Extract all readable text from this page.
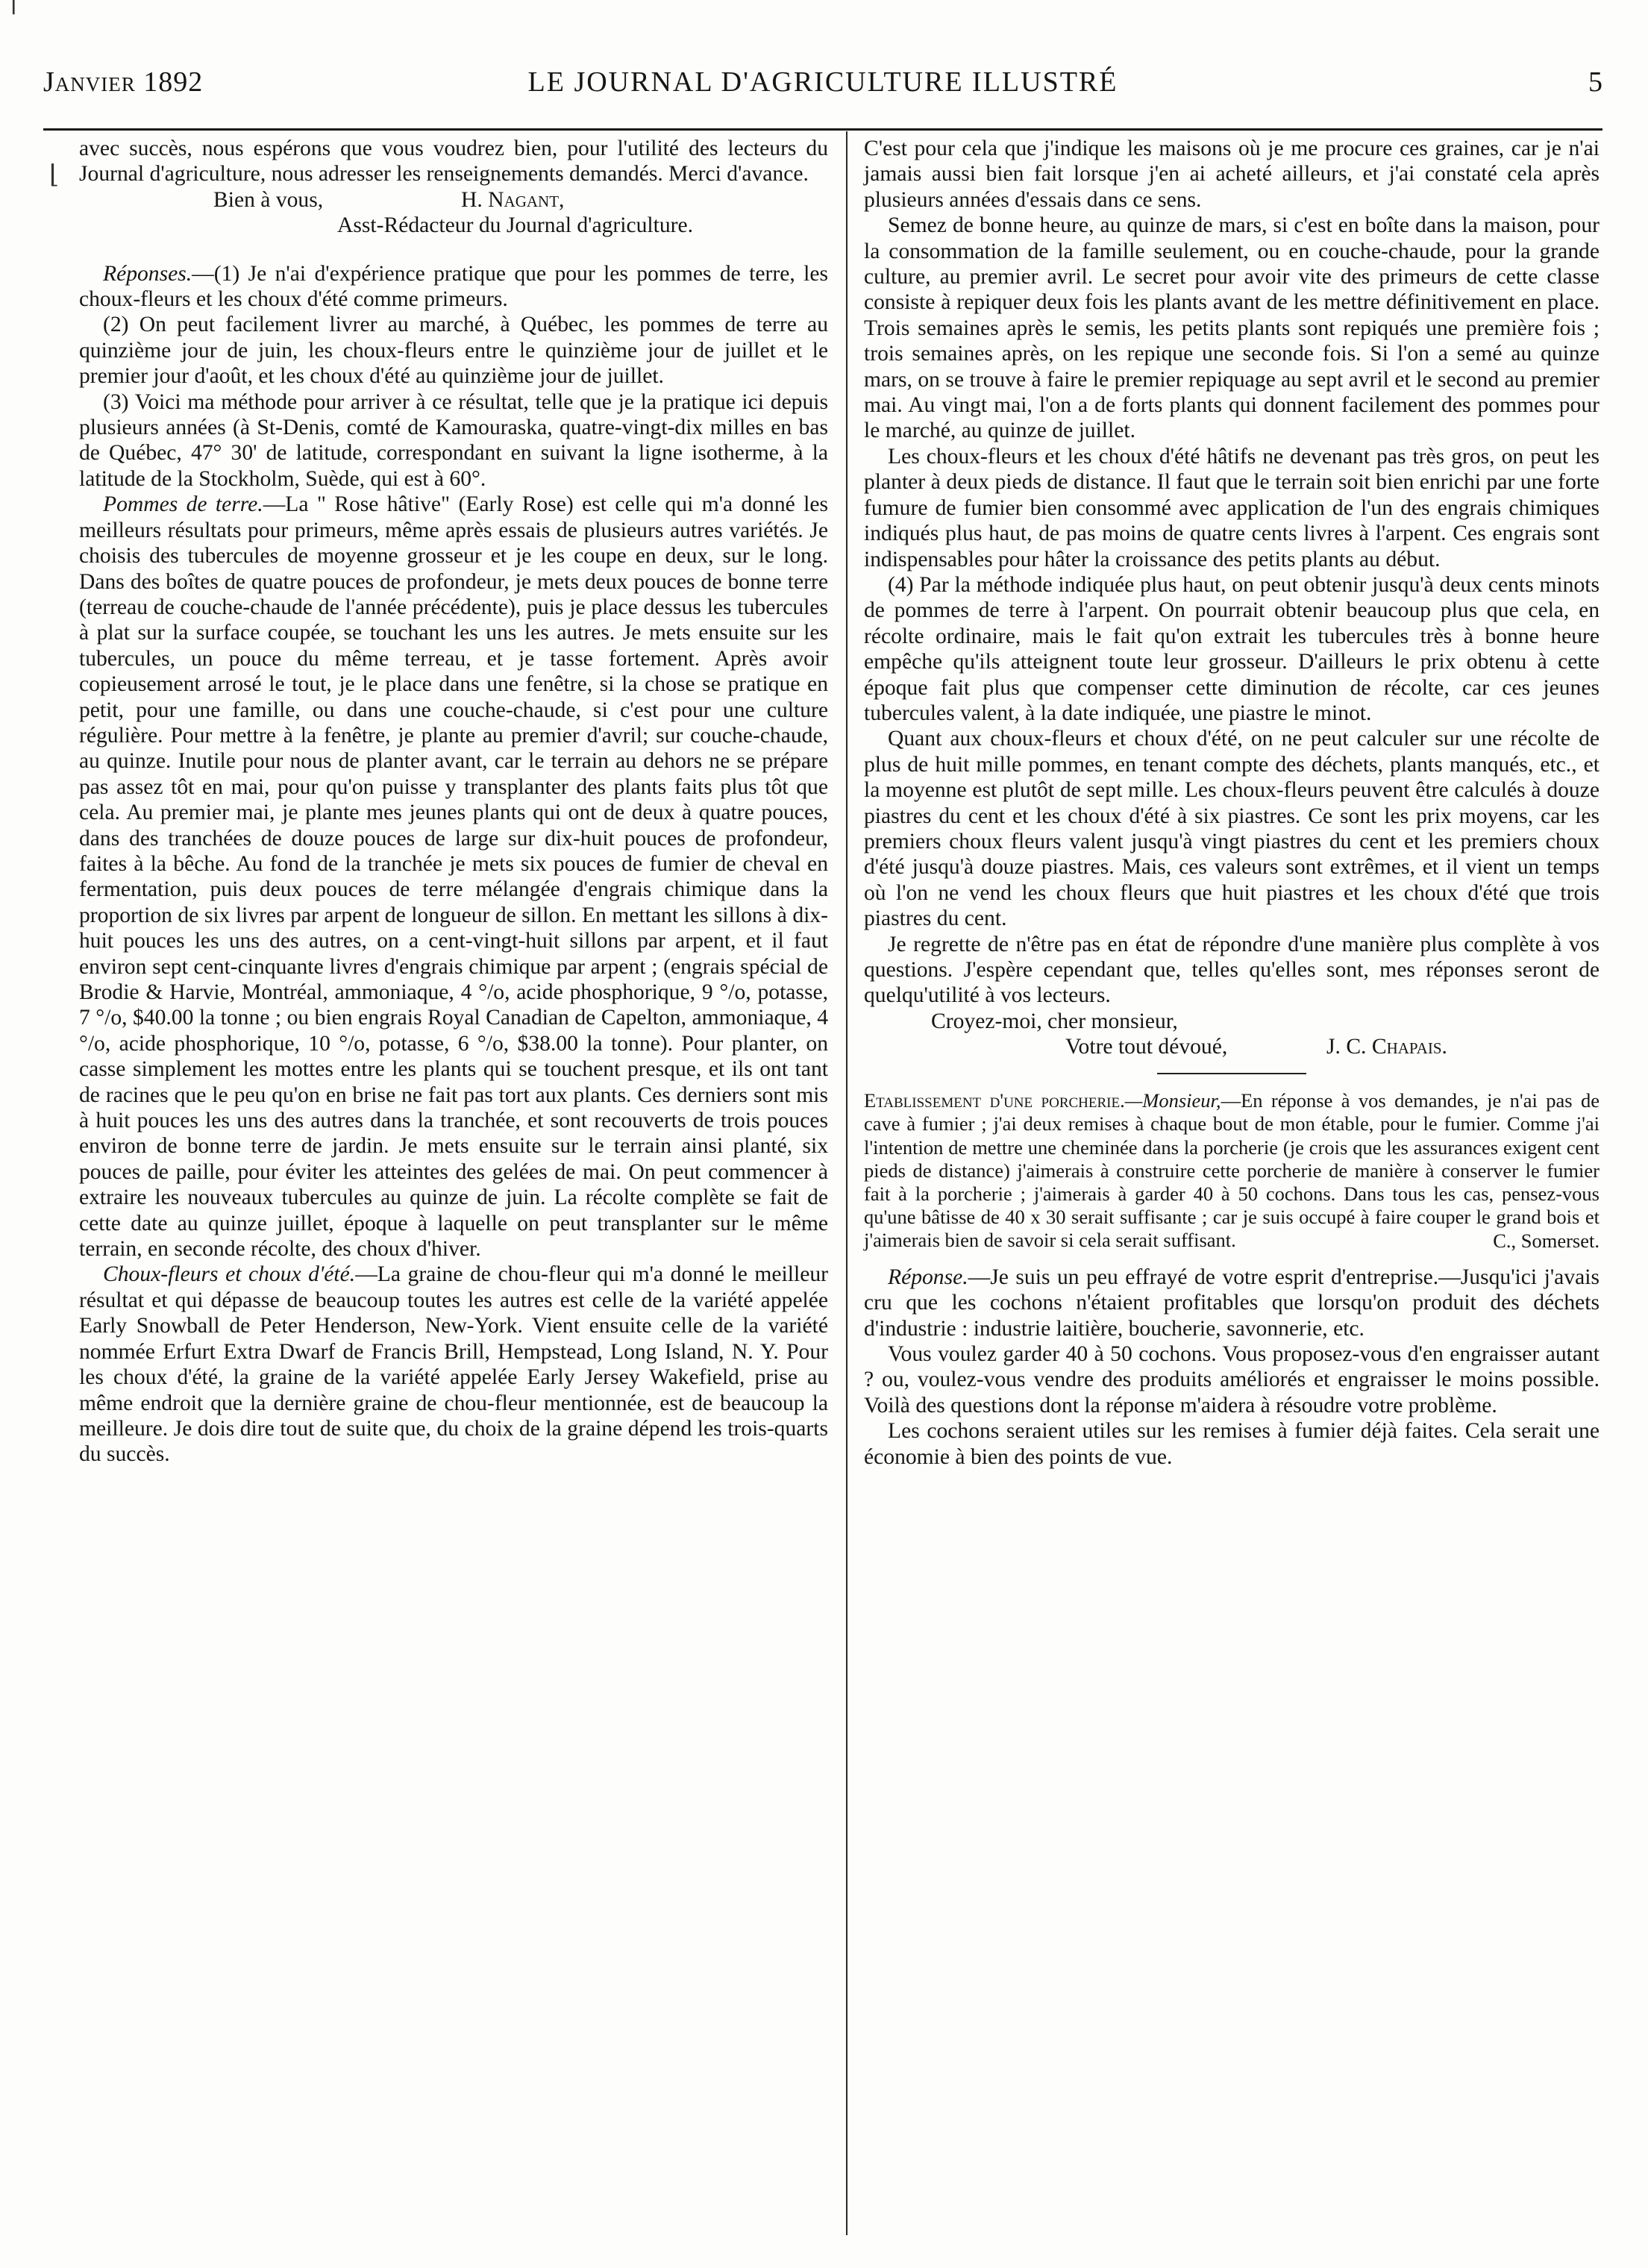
Janvier 1892	LE JOURNAL D'AGRICULTURE ILLUSTRÉ	5
╵
⌊

avec succès, nous espérons que vous voudrez bien, pour l'utilité des lecteurs du Journal d'agriculture, nous adresser les renseignements demandés. Merci d'avance.

Bien à vous,	H. Nagant,
Asst-Rédacteur du Journal d'agriculture.

Réponses.—(1) Je n'ai d'expérience pratique que pour les pommes de terre, les choux-fleurs et les choux d'été comme primeurs.

(2) On peut facilement livrer au marché, à Québec, les pommes de terre au quinzième jour de juin, les choux-fleurs entre le quinzième jour de juillet et le premier jour d'août, et les choux d'été au quinzième jour de juillet.

(3) Voici ma méthode pour arriver à ce résultat, telle que je la pratique ici depuis plusieurs années (à St-Denis, comté de Kamouraska, quatre-vingt-dix milles en bas de Québec, 47° 30' de latitude, correspondant en suivant la ligne isotherme, à la latitude de la Stockholm, Suède, qui est à 60°.

Pommes de terre.—La " Rose hâtive" (Early Rose) est celle qui m'a donné les meilleurs résultats pour primeurs, même après essais de plusieurs autres variétés. Je choisis des tubercules de moyenne grosseur et je les coupe en deux, sur le long. Dans des boîtes de quatre pouces de profondeur, je mets deux pouces de bonne terre (terreau de couche-chaude de l'année précédente), puis je place dessus les tubercules à plat sur la surface coupée, se touchant les uns les autres. Je mets ensuite sur les tubercules, un pouce du même terreau, et je tasse fortement. Après avoir copieusement arrosé le tout, je le place dans une fenêtre, si la chose se pratique en petit, pour une famille, ou dans une couche-chaude, si c'est pour une culture régulière. Pour mettre à la fenêtre, je plante au premier d'avril; sur couche-chaude, au quinze. Inutile pour nous de planter avant, car le terrain au dehors ne se prépare pas assez tôt en mai, pour qu'on puisse y transplanter des plants faits plus tôt que cela. Au premier mai, je plante mes jeunes plants qui ont de deux à quatre pouces, dans des tranchées de douze pouces de large sur dix-huit pouces de profondeur, faites à la bêche. Au fond de la tranchée je mets six pouces de fumier de cheval en fermentation, puis deux pouces de terre mélangée d'engrais chimique dans la proportion de six livres par arpent de longueur de sillon. En mettant les sillons à dix-huit pouces les uns des autres, on a cent-vingt-huit sillons par arpent, et il faut environ sept cent-cinquante livres d'engrais chimique par arpent ; (engrais spécial de Brodie & Harvie, Montréal, ammoniaque, 4 °/o, acide phosphorique, 9 °/o, potasse, 7 °/o, $40.00 la tonne ; ou bien engrais Royal Canadian de Capelton, ammoniaque, 4 °/o, acide phosphorique, 10 °/o, potasse, 6 °/o, $38.00 la tonne). Pour planter, on casse simplement les mottes entre les plants qui se touchent presque, et ils ont tant de racines que le peu qu'on en brise ne fait pas tort aux plants. Ces derniers sont mis à huit pouces les uns des autres dans la tranchée, et sont recouverts de trois pouces environ de bonne terre de jardin. Je mets ensuite sur le terrain ainsi planté, six pouces de paille, pour éviter les atteintes des gelées de mai. On peut commencer à extraire les nouveaux tubercules au quinze de juin. La récolte complète se fait de cette date au quinze juillet, époque à laquelle on peut transplanter sur le même terrain, en seconde récolte, des choux d'hiver.

Choux-fleurs et choux d'été.—La graine de chou-fleur qui m'a donné le meilleur résultat et qui dépasse de beaucoup toutes les autres est celle de la variété appelée Early Snowball de Peter Henderson, New-York. Vient ensuite celle de la variété nommée Erfurt Extra Dwarf de Francis Brill, Hempstead, Long Island, N. Y. Pour les choux d'été, la graine de la variété appelée Early Jersey Wakefield, prise au même endroit que la dernière graine de chou-fleur mentionnée, est de beaucoup la meilleure. Je dois dire tout de suite que, du choix de la graine dépend les trois-quarts du succès.

C'est pour cela que j'indique les maisons où je me procure ces graines, car je n'ai jamais aussi bien fait lorsque j'en ai acheté ailleurs, et j'ai constaté cela après plusieurs années d'essais dans ce sens.

Semez de bonne heure, au quinze de mars, si c'est en boîte dans la maison, pour la consommation de la famille seulement, ou en couche-chaude, pour la grande culture, au premier avril. Le secret pour avoir vite des primeurs de cette classe consiste à repiquer deux fois les plants avant de les mettre définitivement en place. Trois semaines après le semis, les petits plants sont repiqués une première fois ; trois semaines après, on les repique une seconde fois. Si l'on a semé au quinze mars, on se trouve à faire le premier repiquage au sept avril et le second au premier mai. Au vingt mai, l'on a de forts plants qui donnent facilement des pommes pour le marché, au quinze de juillet.

Les choux-fleurs et les choux d'été hâtifs ne devenant pas très gros, on peut les planter à deux pieds de distance. Il faut que le terrain soit bien enrichi par une forte fumure de fumier bien consommé avec application de l'un des engrais chimiques indiqués plus haut, de pas moins de quatre cents livres à l'arpent. Ces engrais sont indispensables pour hâter la croissance des petits plants au début.

(4) Par la méthode indiquée plus haut, on peut obtenir jusqu'à deux cents minots de pommes de terre à l'arpent. On pourrait obtenir beaucoup plus que cela, en récolte ordinaire, mais le fait qu'on extrait les tubercules très à bonne heure empêche qu'ils atteignent toute leur grosseur. D'ailleurs le prix obtenu à cette époque fait plus que compenser cette diminution de récolte, car ces jeunes tubercules valent, à la date indiquée, une piastre le minot.

Quant aux choux-fleurs et choux d'été, on ne peut calculer sur une récolte de plus de huit mille pommes, en tenant compte des déchets, plants manqués, etc., et la moyenne est plutôt de sept mille. Les choux-fleurs peuvent être calculés à douze piastres du cent et les choux d'été à six piastres. Ce sont les prix moyens, car les premiers choux fleurs valent jusqu'à vingt piastres du cent et les premiers choux d'été jusqu'à douze piastres. Mais, ces valeurs sont extrêmes, et il vient un temps où l'on ne vend les choux fleurs que huit piastres et les choux d'été que trois piastres du cent.

Je regrette de n'être pas en état de répondre d'une manière plus complète à vos questions. J'espère cependant que, telles qu'elles sont, mes réponses seront de quelqu'utilité à vos lecteurs.

Croyez-moi, cher monsieur,
Votre tout dévoué,	J. C. Chapais.

Etablissement d'une porcherie.—Monsieur,—En réponse à vos demandes, je n'ai pas de cave à fumier ; j'ai deux remises à chaque bout de mon étable, pour le fumier. Comme j'ai l'intention de mettre une cheminée dans la porcherie (je crois que les assurances exigent cent pieds de distance) j'aimerais à construire cette porcherie de manière à conserver le fumier fait à la porcherie ; j'aimerais à garder 40 à 50 cochons. Dans tous les cas, pensez-vous qu'une bâtisse de 40 x 30 serait suffisante ; car je suis occupé à faire couper le grand bois et j'aimerais bien de savoir si cela serait suffisant.	C., Somerset.

Réponse.—Je suis un peu effrayé de votre esprit d'entreprise.—Jusqu'ici j'avais cru que les cochons n'étaient profitables que lorsqu'on produit des déchets d'industrie : industrie laitière, boucherie, savonnerie, etc.

Vous voulez garder 40 à 50 cochons. Vous proposez-vous d'en engraisser autant ? ou, voulez-vous vendre des produits améliorés et engraisser le moins possible. Voilà des questions dont la réponse m'aidera à résoudre votre problème.

Les cochons seraient utiles sur les remises à fumier déjà faites. Cela serait une économie à bien des points de vue.
